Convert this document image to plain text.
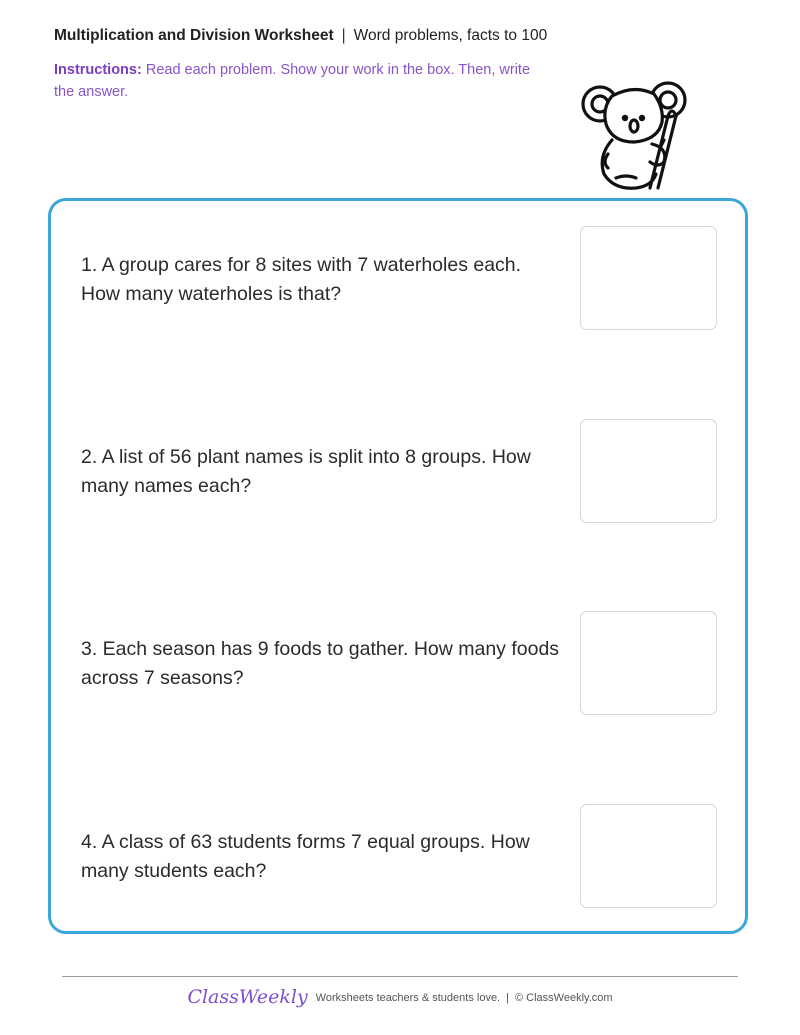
Multiplication and Division Worksheet | Word problems, facts to 100
Instructions: Read each problem. Show your work in the box. Then, write the answer.
1. A group cares for 8 sites with 7 waterholes each. How many waterholes is that?
2. A list of 56 plant names is split into 8 groups. How many names each?
3. Each season has 9 foods to gather. How many foods across 7 seasons?
4. A class of 63 students forms 7 equal groups. How many students each?
ClassWeekly Worksheets teachers & students love. | © ClassWeekly.com
